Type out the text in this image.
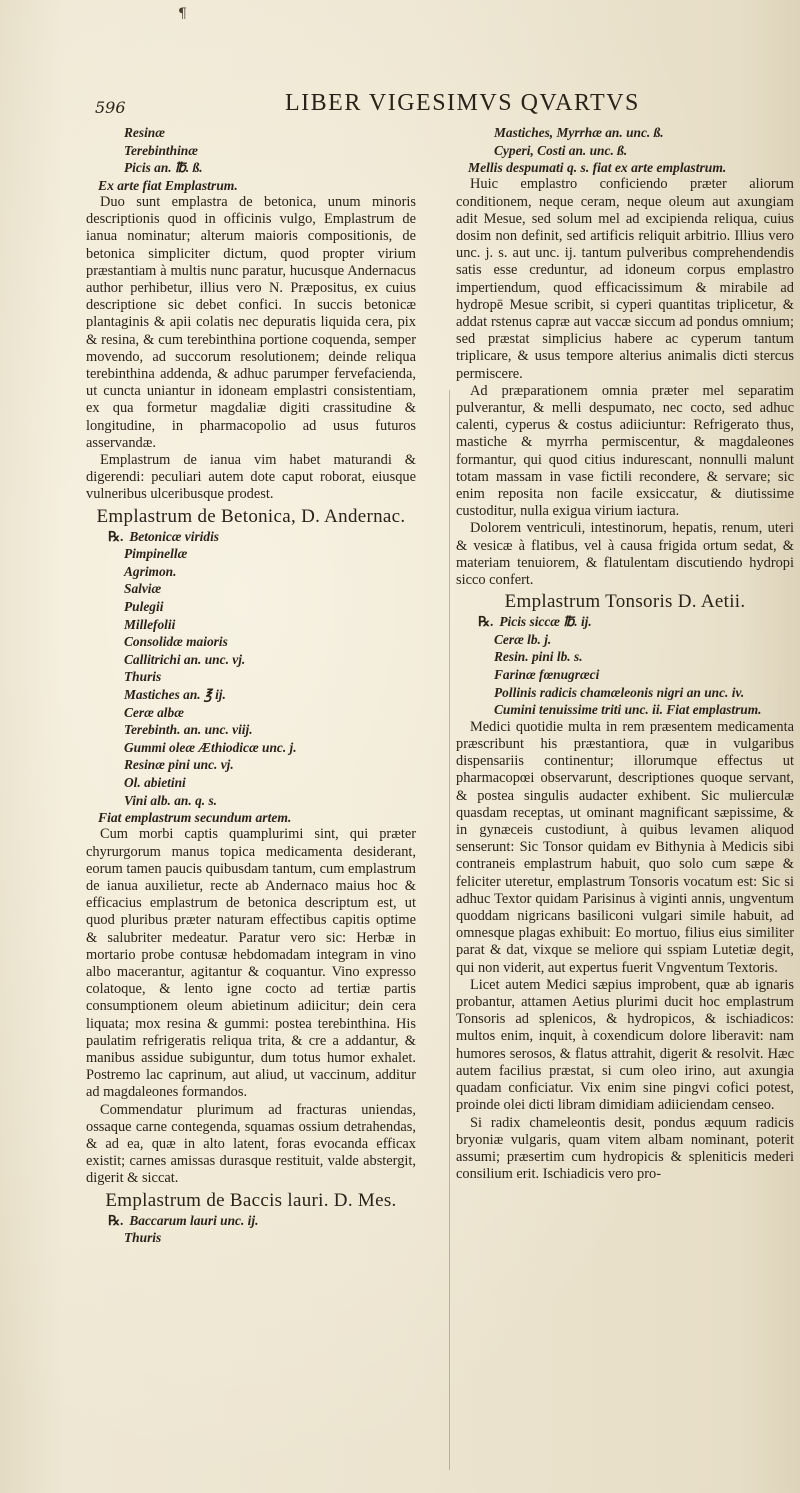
¶
596	LIBER VIGESIMVS QVARTVS
Resinæ
Terebinthinæ
Picis an. ℔. ß.
Ex arte fiat Emplastrum.

Duo sunt emplastra de betonica, unum minoris descriptionis quod in officinis vulgo, Emplastrum de ianua nominatur; alterum maioris compositionis, de betonica simpliciter dictum, quod propter virium præstantiam à multis nunc paratur, hucusque Andernacus author perhibetur, illius vero N. Præpositus, ex cuius descriptione sic debet confici. In succis betonicæ plantaginis & apii colatis nec depuratis liquida cera, pix & resina, & cum terebinthina portione coquenda, semper movendo, ad succorum resolutionem; deinde reliqua terebinthina addenda, & adhuc parumper fervefacienda, ut cuncta uniantur in idoneam emplastri consistentiam, ex qua formetur magdaliæ digiti crassitudine & longitudine, in pharmacopolio ad usus futuros asservandæ.

Emplastrum de ianua vim habet maturandi & digerendi: peculiari autem dote caput roborat, eiusque vulneribus ulceribusque prodest.

Emplastrum de Betonica, D. Andernac.
℞. Betonicæ viridis
Pimpinellæ
Agrimon.
Salviæ
Pulegii
Millefolii
Consolidæ maioris
Callitrichi an. unc. vj.
Thuris
Mastiches an. ℥ ij.
Ceræ albæ
Terebinth. an. unc. viij.
Gummi oleæ Æthiodicæ unc. j.
Resinæ pini unc. vj.
Ol. abietini
Vini alb. an. q. s.
Fiat emplastrum secundum artem.

Cum morbi captis quamplurimi sint, qui præter chyrurgorum manus topica medicamenta desiderant, eorum tamen paucis quibusdam tantum, cum emplastrum de ianua auxilietur, recte ab Andernaco maius hoc & efficacius emplastrum de betonica descriptum est, ut quod pluribus præter naturam effectibus capitis optime & salubriter medeatur. Paratur vero sic: Herbæ in mortario probe contusæ hebdomadam integram in vino albo macerantur, agitantur & coquantur. Vino expresso colatoque, & lento igne cocto ad tertiæ partis consumptionem oleum abietinum adiicitur; dein cera liquata; mox resina & gummi: postea terebinthina. His paulatim refrigeratis reliqua trita, & cre a addantur, & manibus assidue subiguntur, dum totus humor exhalet. Postremo lac caprinum, aut aliud, ut vaccinum, additur ad magdaleones formandos.

Commendatur plurimum ad fracturas uniendas, ossaque carne contegenda, squamas ossium detrahendas, & ad ea, quæ in alto latent, foras evocanda efficax existit; carnes amissas durasque restituit, valde abstergit, digerit & siccat.

Emplastrum de Baccis lauri. D. Mes.
℞. Baccarum lauri unc. ij.
Thuris
Mastiches, Myrrhæ an. unc. ß.
Cyperi, Costi an. unc. ß.
Mellis despumati q. s. fiat ex arte emplastrum.

Huic emplastro conficiendo præter aliorum conditionem, neque ceram, neque oleum aut axungiam adit Mesue, sed solum mel ad excipienda reliqua, cuius dosim non definit, sed artificis reliquit arbitrio. Illius vero unc. j. s. aut unc. ij. tantum pulveribus comprehendendis satis esse creduntur, ad idoneum corpus emplastro impertiendum, quod efficacissimum & mirabile ad hydropē Mesue scribit, si cyperi quantitas triplicetur, & addat rstenus capræ aut vaccæ siccum ad pondus omnium; sed præstat simplicius habere ac cyperum tantum triplicare, & usus tempore alterius animalis dicti stercus permiscere.

Ad præparationem omnia præter mel separatim pulverantur, & melli despumato, nec cocto, sed adhuc calenti, cyperus & costus adiiciuntur: Refrigerato thus, mastiche & myrrha permiscentur, & magdaleones formantur, qui quod citius indurescant, nonnulli malunt totam massam in vase fictili recondere, & servare; sic enim reposita non facile exsiccatur, & diutissime custoditur, nulla exigua virium iactura.

Dolorem ventriculi, intestinorum, hepatis, renum, uteri & vesicæ à flatibus, vel à causa frigida ortum sedat, & materiam tenuiorem, & flatulentam discutiendo hydropi sicco confert.

Emplastrum Tonsoris D. Aetii.
℞. Picis siccæ ℔. ij.
Ceræ lb. j.
Resin. pini lb. s.
Farinæ fœnugræci
Pollinis radicis chamæleonis nigri an unc. iv.
Cumini tenuissime triti unc. ii. Fiat emplastrum.

Medici quotidie multa in rem præsentem medicamenta præscribunt his præstantiora, quæ in vulgaribus dispensariis continentur; illorumque effectus ut pharmacopœi observarunt, descriptiones quoque servant, & postea singulis audacter exhibent. Sic mulierculæ quasdam receptas, ut ominant magnificant sæpissime, & in gynæceis custodiunt, à quibus levamen aliquod senserunt: Sic Tonsor quidam ev Bithynia à Medicis sibi contraneis emplastrum habuit, quo solo cum sæpe & feliciter uteretur, emplastrum Tonsoris vocatum est: Sic si adhuc Textor quidam Parisinus à viginti annis, ungventum quoddam nigricans basiliconi vulgari simile habuit, ad omnesque plagas exhibuit: Eo mortuo, filius eius similiter parat & dat, vixque se meliore qui sspiam Lutetiæ degit, qui non viderit, aut expertus fuerit Vngventum Textoris.

Licet autem Medici sæpius improbent, quæ ab ignaris probantur, attamen Aetius plurimi ducit hoc emplastrum Tonsoris ad splenicos, & hydropicos, & ischiadicos: multos enim, inquit, à coxendicum dolore liberavit: nam humores serosos, & flatus attrahit, digerit & resolvit. Hæc autem facilius præstat, si cum oleo irino, aut axungia quadam conficiatur. Vix enim sine pingvi cofici potest, proinde olei dicti libram dimidiam adiiciendam censeo.

Si radix chameleontis desit, pondus æquum radicis bryoniæ vulgaris, quam vitem albam nominant, poterit assumi; præsertim cum hydropicis & spleniticis mederi consilium erit. Ischiadicis vero pro-
